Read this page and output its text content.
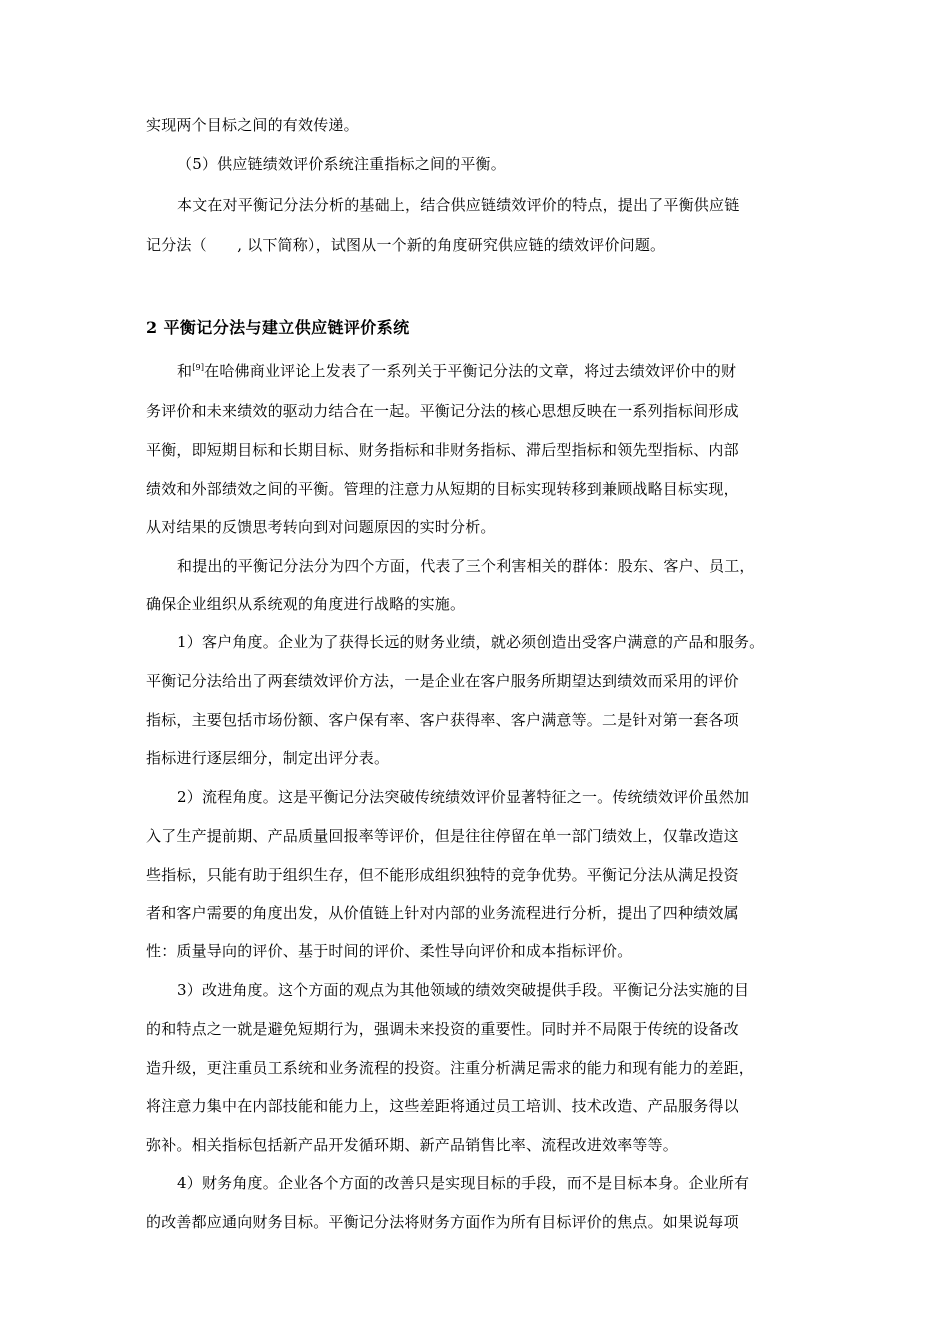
实现两个目标之间的有效传递。
（5）供应链绩效评价系统注重指标之间的平衡。
本文在对平衡记分法分析的基础上，结合供应链绩效评价的特点，提出了平衡供应链
记分法（　　, 以下简称），试图从一个新的角度研究供应链的绩效评价问题。
2 平衡记分法与建立供应链评价系统
和[9]在哈佛商业评论上发表了一系列关于平衡记分法的文章，将过去绩效评价中的财
务评价和未来绩效的驱动力结合在一起。平衡记分法的核心思想反映在一系列指标间形成
平衡，即短期目标和长期目标、财务指标和非财务指标、滞后型指标和领先型指标、内部
绩效和外部绩效之间的平衡。管理的注意力从短期的目标实现转移到兼顾战略目标实现，
从对结果的反馈思考转向到对问题原因的实时分析。
和提出的平衡记分法分为四个方面，代表了三个利害相关的群体：股东、客户、员工，
确保企业组织从系统观的角度进行战略的实施。
1）客户角度。企业为了获得长远的财务业绩，就必须创造出受客户满意的产品和服务。
平衡记分法给出了两套绩效评价方法，一是企业在客户服务所期望达到绩效而采用的评价
指标，主要包括市场份额、客户保有率、客户获得率、客户满意等。二是针对第一套各项
指标进行逐层细分，制定出评分表。
2）流程角度。这是平衡记分法突破传统绩效评价显著特征之一。传统绩效评价虽然加
入了生产提前期、产品质量回报率等评价，但是往往停留在单一部门绩效上，仅靠改造这
些指标，只能有助于组织生存，但不能形成组织独特的竞争优势。平衡记分法从满足投资
者和客户需要的角度出发，从价值链上针对内部的业务流程进行分析，提出了四种绩效属
性：质量导向的评价、基于时间的评价、柔性导向评价和成本指标评价。
3）改进角度。这个方面的观点为其他领域的绩效突破提供手段。平衡记分法实施的目
的和特点之一就是避免短期行为，强调未来投资的重要性。同时并不局限于传统的设备改
造升级，更注重员工系统和业务流程的投资。注重分析满足需求的能力和现有能力的差距，
将注意力集中在内部技能和能力上，这些差距将通过员工培训、技术改造、产品服务得以
弥补。相关指标包括新产品开发循环期、新产品销售比率、流程改进效率等等。
4）财务角度。企业各个方面的改善只是实现目标的手段，而不是目标本身。企业所有
的改善都应通向财务目标。平衡记分法将财务方面作为所有目标评价的焦点。如果说每项
